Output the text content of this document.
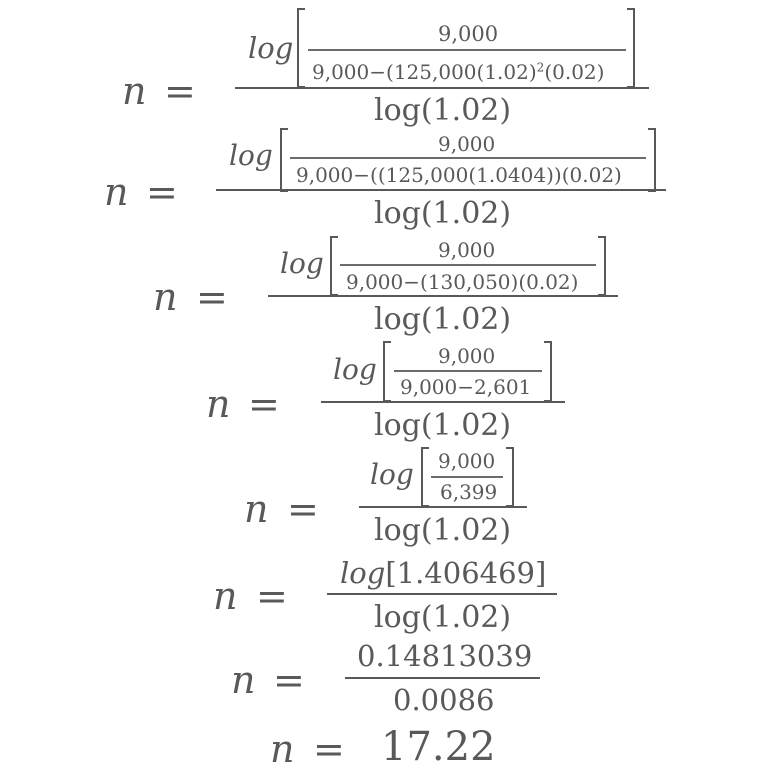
n =
log	9,000
$9,000-(125,000(1.02)^2(0.02)$
log(1.02)
n =
log	9,000
9,000−((125,000(1.0404))(0.02)
log(1.02)
n =
log	9,000
9,000−(130,050)(0.02)
log(1.02)
n =
log	9,000
9,000−2,601
log(1.02)
n =
log 9,000
6,399
log(1.02)
n =
log[1.406469]
log(1.02)
n =
0.14813039
0.0086
n = 17.22
